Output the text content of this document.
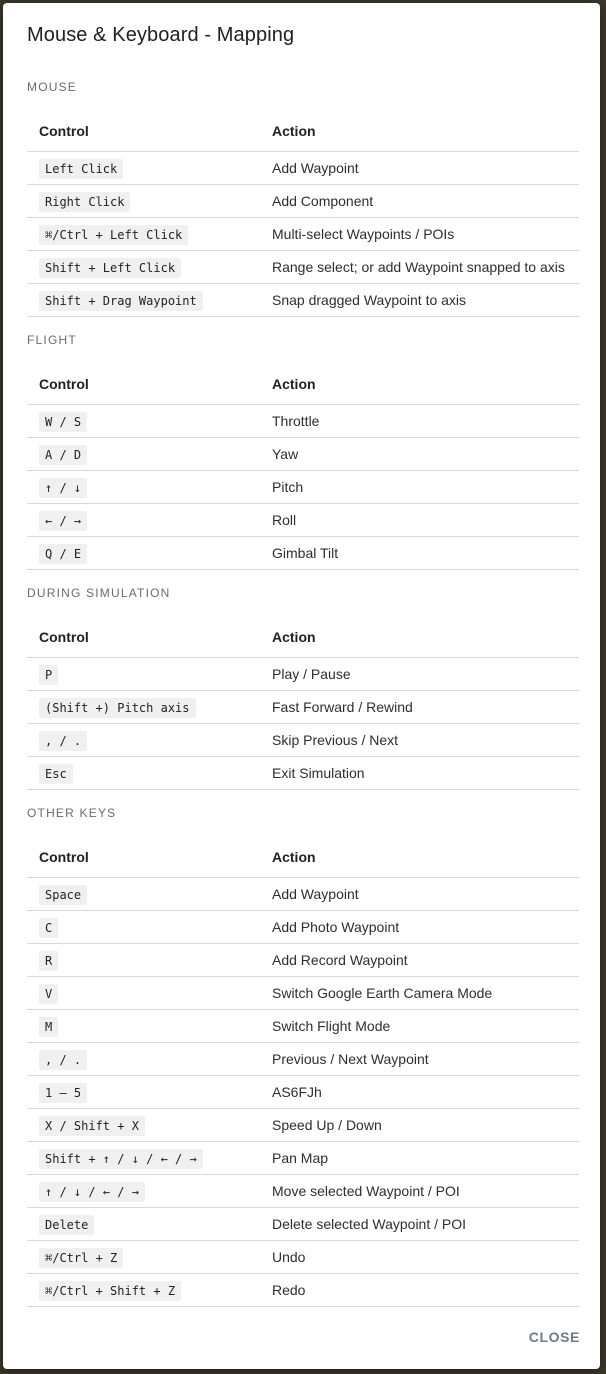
Mouse & Keyboard - Mapping
MOUSE
Control	Action
Left Click	Add Waypoint
Right Click	Add Component
⌘/Ctrl + Left Click	Multi-select Waypoints / POIs
Shift + Left Click	Range select; or add Waypoint snapped to axis
Shift + Drag Waypoint	Snap dragged Waypoint to axis
FLIGHT
Control	Action
W / S	Throttle
A / D	Yaw
↑ / ↓	Pitch
← / →	Roll
Q / E	Gimbal Tilt
DURING SIMULATION
Control	Action
P	Play / Pause
(Shift +) Pitch axis	Fast Forward / Rewind
, / .	Skip Previous / Next
Esc	Exit Simulation
OTHER KEYS
Control	Action
Space	Add Waypoint
C	Add Photo Waypoint
R	Add Record Waypoint
V	Switch Google Earth Camera Mode
M	Switch Flight Mode
, / .	Previous / Next Waypoint
1 – 5	AS6FJh
X / Shift + X	Speed Up / Down
Shift + ↑ / ↓ / ← / →	Pan Map
↑ / ↓ / ← / →	Move selected Waypoint / POI
Delete	Delete selected Waypoint / POI
⌘/Ctrl + Z	Undo
⌘/Ctrl + Shift + Z	Redo
CLOSE
